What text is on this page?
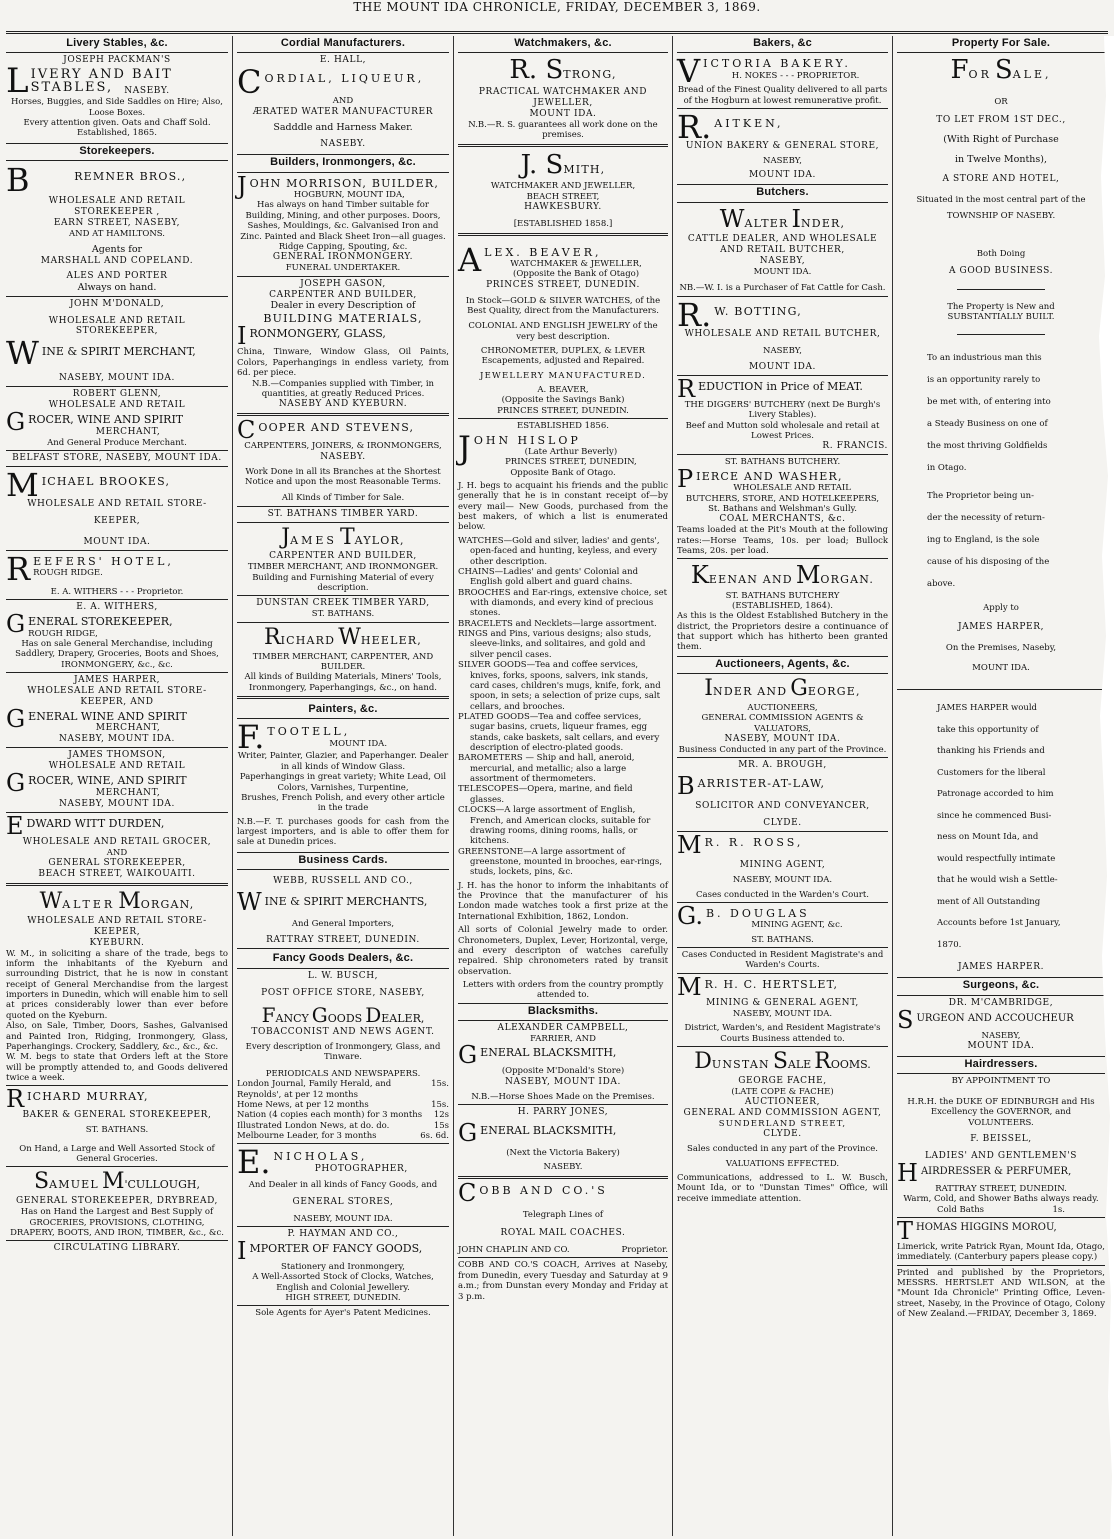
THE MOUNT IDA CHRONICLE, FRIDAY, DECEMBER 3, 1869.
Livery Stables, &c.
JOSEPH PACKMAN'S
L IVERY AND BAIT STABLES,	NASEBY.
Horses, Buggies, and Side Saddles on Hire; Also, Loose Boxes.
Every attention given. Oats and Chaff Sold. Established, 1865.
Storekeepers.
B	REMNER BROS.,
WHOLESALE AND RETAIL
STOREKEEPER ,
EARN STREET, NASEBY,
AND AT HAMILTONS.
Agents for
MARSHALL AND COPELAND.
ALES AND PORTER
Always on hand.
JOHN M'DONALD,
WHOLESALE AND RETAIL
STOREKEEPER,
W INE & SPIRIT MERCHANT,
NASEBY, MOUNT IDA.
ROBERT GLENN,
WHOLESALE AND RETAIL
G ROCER, WINE AND SPIRIT
MERCHANT,
And General Produce Merchant.
BELFAST STORE, NASEBY, MOUNT IDA.
M ICHAEL BROOKES,
WHOLESALE AND RETAIL STORE-
KEEPER,
MOUNT IDA.
R EEFERS' HOTEL,
ROUGH RIDGE.
E. A. WITHERS - - - Proprietor.
E. A. WITHERS,
G ENERAL STOREKEEPER,
ROUGH RIDGE,
Has on sale General Merchandise, including Saddlery, Drapery, Groceries, Boots and Shoes,
IRONMONGERY, &c., &c.
JAMES HARPER,
WHOLESALE AND RETAIL STORE-KEEPER, AND
G ENERAL WINE AND SPIRIT
MERCHANT,
NASEBY, MOUNT IDA.
JAMES THOMSON,
WHOLESALE AND RETAIL
G ROCER, WINE, AND SPIRIT
MERCHANT,
NASEBY, MOUNT IDA.
E DWARD WITT DURDEN,
WHOLESALE AND RETAIL GROCER,
AND
GENERAL STOREKEEPER,
BEACH STREET, WAIKOUAITI.
WALTER MORGAN,
WHOLESALE AND RETAIL STORE-KEEPER,
KYEBURN.
W. M., in soliciting a share of the trade, begs to inform the inhabitants of the Kyeburn and surrounding District, that he is now in constant receipt of General Merchandise from the largest importers in Dunedin, which will enable him to sell at prices considerably lower than ever before quoted on the Kyeburn.
Also, on Sale, Timber, Doors, Sashes, Galvanised and Painted Iron, Ridging, Ironmongery, Glass, Paperhangings. Crockery, Saddlery, &c., &c., &c.
W. M. begs to state that Orders left at the Store will be promptly attended to, and Goods delivered twice a week.
R ICHARD MURRAY,
BAKER & GENERAL STOREKEEPER,
ST. BATHANS.
On Hand, a Large and Well Assorted Stock of General Groceries.
SAMUEL M'CULLOUGH,
GENERAL STOREKEEPER, DRYBREAD,
Has on Hand the Largest and Best Supply of GROCERIES, PROVISIONS, CLOTHING, DRAPERY, BOOTS, AND IRON, TIMBER, &c., &c.
CIRCULATING LIBRARY.
Cordial Manufacturers.
E. HALL,
C ORDIAL, LIQUEUR,
AND
ÆRATED WATER MANUFACTURER
Sadddle and Harness Maker.
NASEBY.
Builders, Ironmongers, &c.
J OHN MORRISON, BUILDER,
HOGBURN, MOUNT IDA,
Has always on hand Timber suitable for Building, Mining, and other purposes. Doors, Sashes, Mouldings, &c. Galvanised Iron and Zinc. Painted and Black Sheet Iron—all guages. Ridge Capping, Spouting, &c.
GENERAL IRONMONGERY.
FUNERAL UNDERTAKER.
JOSEPH GASON,
CARPENTER AND BUILDER,
Dealer in every Description of
BUILDING MATERIALS,
I RONMONGERY, GLASS,
China, Tinware, Window Glass, Oil Paints, Colors, Paperhangings in endless variety, from 6d. per piece.
N.B.—Companies supplied with Timber, in quantities, at greatly Reduced Prices.
NASEBY AND KYEBURN.
C OOPER AND STEVENS,
CARPENTERS, JOINERS, & IRONMONGERS,
NASEBY.
Work Done in all its Branches at the Shortest Notice and upon the most Reasonable Terms.
All Kinds of Timber for Sale.
ST. BATHANS TIMBER YARD.
JAMES TAYLOR,
CARPENTER AND BUILDER,
TIMBER MERCHANT, AND IRONMONGER.
Building and Furnishing Material of every description.
DUNSTAN CREEK TIMBER YARD,
ST. BATHANS.
RICHARD WHEELER,
TIMBER MERCHANT, CARPENTER, AND BUILDER.
All kinds of Building Materials, Miners' Tools, Ironmongery, Paperhangings, &c., on hand.
Painters, &c.
F. TOOTELL,
MOUNT IDA.
Writer, Painter, Glazier, and Paperhanger. Dealer in all kinds of Window Glass.
Paperhangings in great variety; White Lead, Oil Colors, Varnishes, Turpentine,
Brushes, French Polish, and every other article in the trade
N.B.—F. T. purchases goods for cash from the largest importers, and is able to offer them for sale at Dunedin prices.
Business Cards.
WEBB, RUSSELL AND CO.,
W INE & SPIRIT MERCHANTS,
And General Importers,
RATTRAY STREET, DUNEDIN.
Fancy Goods Dealers, &c.
L. W. BUSCH,
POST OFFICE STORE, NASEBY,
FANCY GOODS DEALER,
TOBACCONIST AND NEWS AGENT.
Every description of Ironmongery, Glass, and Tinware.
PERIODICALS AND NEWSPAPERS.
London Journal, Family Herald, and Reynolds', at per 12 months
15s.
Home News, at per 12 months	15s.
Nation (4 copies each month) for 3 months 12s
Illustrated London News, at do. do.	15s
Melbourne Leader, for 3 months	6s. 6d.
E. NICHOLAS,
PHOTOGRAPHER,
And Dealer in all kinds of Fancy Goods, and
GENERAL STORES,
NASEBY, MOUNT IDA.
P. HAYMAN AND CO.,
I MPORTER OF FANCY GOODS,
Stationery and Ironmongery,
A Well-Assorted Stock of Clocks, Watches, English and Colonial Jewellery.
HIGH STREET, DUNEDIN.
Sole Agents for Ayer's Patent Medicines.
Watchmakers, &c.
R. STRONG,
PRACTICAL WATCHMAKER AND JEWELLER,
MOUNT IDA.
N.B.—R. S. guarantees all work done on the premises.
J. SMITH,
WATCHMAKER AND JEWELLER,
BEACH STREET,
HAWKESBURY.
[ESTABLISHED 1858.]
A LEX. BEAVER,
WATCHMAKER & JEWELLER,
(Opposite the Bank of Otago)
PRINCES STREET, DUNEDIN.
In Stock—GOLD & SILVER WATCHES, of the Best Quality, direct from the Manufacturers.
COLONIAL AND ENGLISH JEWELRY of the very best description.
CHRONOMETER, DUPLEX, & LEVER Escapements, adjusted and Repaired.
JEWELLERY MANUFACTURED.
A. BEAVER,
(Opposite the Savings Bank)
PRINCES STREET, DUNEDIN.
ESTABLISHED 1856.
J OHN HISLOP
(Late Arthur Beverly)
PRINCES STREET, DUNEDIN,
Opposite Bank of Otago.
J. H. begs to acquaint his friends and the public generally that he is in constant receipt of—by every mail— New Goods, purchased from the best makers, of which a list is enumerated below.
WATCHES—Gold and silver, ladies' and gents', open-faced and hunting, keyless, and every other description.
CHAINS—Ladies' and gents' Colonial and English gold albert and guard chains.
BROOCHES and Ear-rings, extensive choice, set with diamonds, and every kind of precious stones.
BRACELETS and Necklets—large assortment.
RINGS and Pins, various designs; also studs, sleeve-links, and solitaires, and gold and silver pencil cases.
SILVER GOODS—Tea and coffee services, knives, forks, spoons, salvers, ink stands, card cases, children's mugs, knife, fork, and spoon, in sets; a selection of prize cups, salt cellars, and brooches.
PLATED GOODS—Tea and coffee services, sugar basins, cruets, liqueur frames, egg stands, cake baskets, salt cellars, and every description of electro-plated goods.
BAROMETERS — Ship and hall, aneroid, mercurial, and metallic; also a large assortment of thermometers.
TELESCOPES—Opera, marine, and field glasses.
CLOCKS—A large assortment of English, French, and American clocks, suitable for drawing rooms, dining rooms, halls, or kitchens.
GREENSTONE—A large assortment of greenstone, mounted in brooches, ear-rings, studs, lockets, pins, &c.
J. H. has the honor to inform the inhabitants of the Province that the manufacturer of his London made watches took a first prize at the International Exhibition, 1862, London.
All sorts of Colonial Jewelry made to order. Chronometers, Duplex, Lever, Horizontal, verge, and every descripton of watches carefully repaired. Ship chronometers rated by transit observation.
Letters with orders from the country promptly attended to.
Blacksmiths.
ALEXANDER CAMPBELL,
FARRIER, AND
G ENERAL BLACKSMITH,
(Opposite M'Donald's Store)
NASEBY, MOUNT IDA.
N.B.—Horse Shoes Made on the Premises.
H. PARRY JONES,
G ENERAL BLACKSMITH,
(Next the Victoria Bakery)
NASEBY.
C OBB AND CO.'S
Telegraph Lines of
ROYAL MAIL COACHES.
JOHN CHAPLIN AND CO.	Proprietor.
COBB AND CO.'S COACH, Arrives at Naseby, from Dunedin, every Tuesday and Saturday at 9 a.m.; from Dunstan every Monday and Friday at 3 p.m.
Bakers, &c
V ICTORIA BAKERY.
H. NOKES - - - PROPRIETOR.
Bread of the Finest Quality delivered to all parts of the Hogburn at lowest remunerative profit.
R. AITKEN,
UNION BAKERY & GENERAL STORE,
NASEBY,
MOUNT IDA.
Butchers.
WALTER INDER,
CATTLE DEALER, AND WHOLESALE AND RETAIL BUTCHER,
NASEBY,
MOUNT IDA.
NB.—W. I. is a Purchaser of Fat Cattle for Cash.
R. W. BOTTING,
WHOLESALE AND RETAIL BUTCHER,
NASEBY,
MOUNT IDA.
R EDUCTION in Price of MEAT.
THE DIGGERS' BUTCHERY (next De Burgh's Livery Stables).
Beef and Mutton sold wholesale and retail at Lowest Prices.
R. FRANCIS.
ST. BATHANS BUTCHERY.
P IERCE AND WASHER,
WHOLESALE AND RETAIL
BUTCHERS, STORE, AND HOTELKEEPERS,
St. Bathans and Welshman's Gully.
COAL MERCHANTS, &c.
Teams loaded at the Pit's Mouth at the following rates:—Horse Teams, 10s. per load; Bullock Teams, 20s. per load.
KEENAN AND MORGAN.
ST. BATHANS BUTCHERY
(ESTABLISHED, 1864).
As this is the Oldest Established Butchery in the district, the Proprietors desire a continuance of that support which has hitherto been granted them.
Auctioneers, Agents, &c.
INDER AND GEORGE,
AUCTIONEERS,
GENERAL COMMISSION AGENTS & VALUATORS,
NASEBY, MOUNT IDA.
Business Conducted in any part of the Province.
MR. A. BROUGH,
B ARRISTER-AT-LAW,
SOLICITOR AND CONVEYANCER,
CLYDE.
M R. R. ROSS,
MINING AGENT,
NASEBY, MOUNT IDA.
Cases conducted in the Warden's Court.
G. B. DOUGLAS
MINING AGENT, &c.
ST. BATHANS.
Cases Conducted in Resident Magistrate's and Warden's Courts.
M R. H. C. HERTSLET,
MINING & GENERAL AGENT,
NASEBY, MOUNT IDA.
District, Warden's, and Resident Magistrate's Courts Business attended to.
DUNSTAN SALE ROOMS.
GEORGE FACHE,
(LATE COPE & FACHE)
AUCTIONEER,
GENERAL AND COMMISSION AGENT,
SUNDERLAND STREET,
CLYDE.
Sales conducted in any part of the Province.
VALUATIONS EFFECTED.
Communications, addressed to L. W. Busch, Mount Ida, or to "Dunstan Times" Office, will receive immediate attention.
Property For Sale.
FOR SALE,
OR
TO LET FROM 1ST DEC.,
(With Right of Purchase
in Twelve Months),
A STORE AND HOTEL,
Situated in the most central part of the
TOWNSHIP OF NASEBY.
Both Doing
A GOOD BUSINESS.
The Property is New and
SUBSTANTIALLY BUILT.
To an industrious man this
is an opportunity rarely to
be met with, of entering into
a Steady Business on one of
the most thriving Goldfields
in Otago.
The Proprietor being un-
der the necessity of return-
ing to England, is the sole
cause of his disposing of the
above.
Apply to
JAMES HARPER,
On the Premises, Naseby,
MOUNT IDA.
JAMES HARPER would
take this opportunity of
thanking his Friends and
Customers for the liberal
Patronage accorded to him
since he commenced Busi-
ness on Mount Ida, and
would respectfully intimate
that he would wish a Settle-
ment of All Outstanding
Accounts before 1st January,
1870.
JAMES HARPER.
Surgeons, &c.
DR. M'CAMBRIDGE,
S URGEON AND ACCOUCHEUR
NASEBY,
MOUNT IDA.
Hairdressers.
BY APPOINTMENT TO
H.R.H. the DUKE OF EDINBURGH and His Excellency the GOVERNOR, and VOLUNTEERS.
F. BEISSEL,
LADIES' AND GENTLEMEN'S
H AIRDRESSER & PERFUMER,
RATTRAY STREET, DUNEDIN.
Warm, Cold, and Shower Baths always ready.
Cold Baths	1s.
T HOMAS HIGGINS MOROU,
Limerick, write Patrick Ryan, Mount Ida, Otago, immediately. (Canterbury papers please copy.)
Printed and published by the Proprietors, MESSRS. HERTSLET AND WILSON, at the "Mount Ida Chronicle" Printing Office, Leven-street, Naseby, in the Province of Otago, Colony of New Zealand.—FRIDAY, December 3, 1869.
